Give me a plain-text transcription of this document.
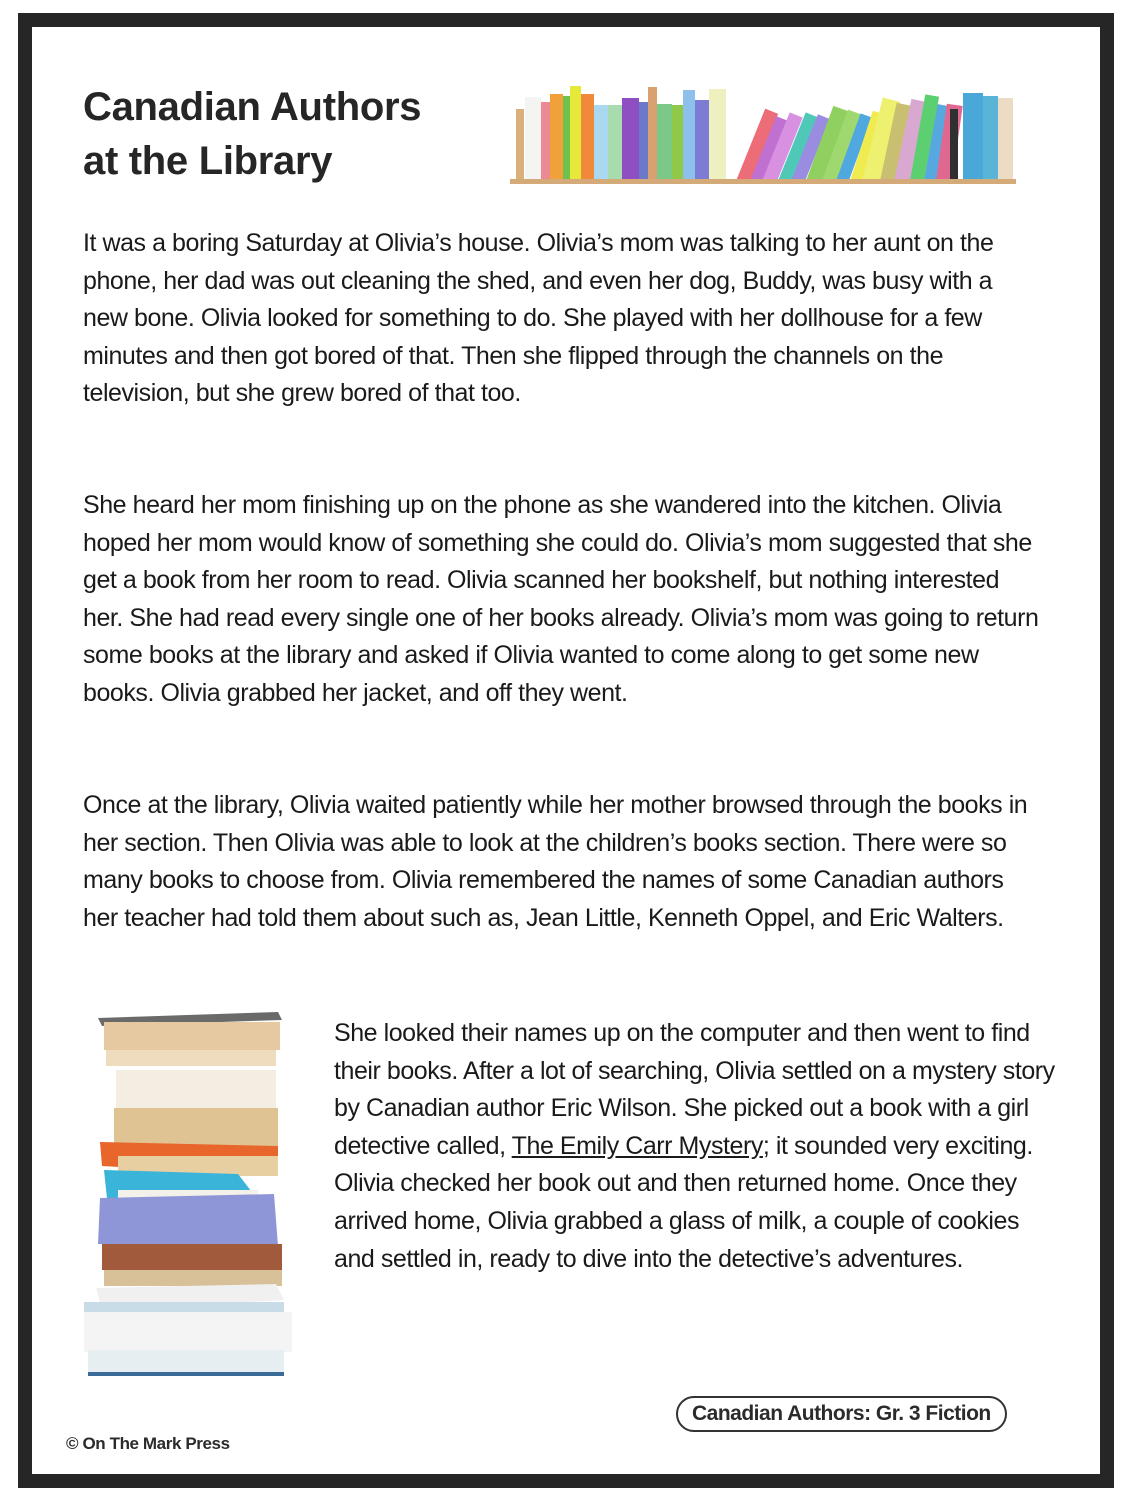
Canadian Authors
at the Library

It was a boring Saturday at Olivia’s house. Olivia’s mom was talking to her aunt on the phone, her dad was out cleaning the shed, and even her dog, Buddy, was busy with a new bone. Olivia looked for something to do. She played with her dollhouse for a few minutes and then got bored of that. Then she flipped through the channels on the television, but she grew bored of that too.

She heard her mom finishing up on the phone as she wandered into the kitchen. Olivia hoped her mom would know of something she could do. Olivia’s mom suggested that she get a book from her room to read. Olivia scanned her bookshelf, but nothing interested her. She had read every single one of her books already. Olivia’s mom was going to return some books at the library and asked if Olivia wanted to come along to get some new books. Olivia grabbed her jacket, and off they went.

Once at the library, Olivia waited patiently while her mother browsed through the books in her section. Then Olivia was able to look at the children’s books section. There were so many books to choose from. Olivia remembered the names of some Canadian authors her teacher had told them about such as, Jean Little, Kenneth Oppel, and Eric Walters.

She looked their names up on the computer and then went to find their books. After a lot of searching, Olivia settled on a mystery story by Canadian author Eric Wilson. She picked out a book with a girl detective called, The Emily Carr Mystery; it sounded very exciting. Olivia checked her book out and then returned home. Once they arrived home, Olivia grabbed a glass of milk, a couple of cookies and settled in, ready to dive into the detective’s adventures.

Canadian Authors: Gr. 3 Fiction
© On The Mark Press
